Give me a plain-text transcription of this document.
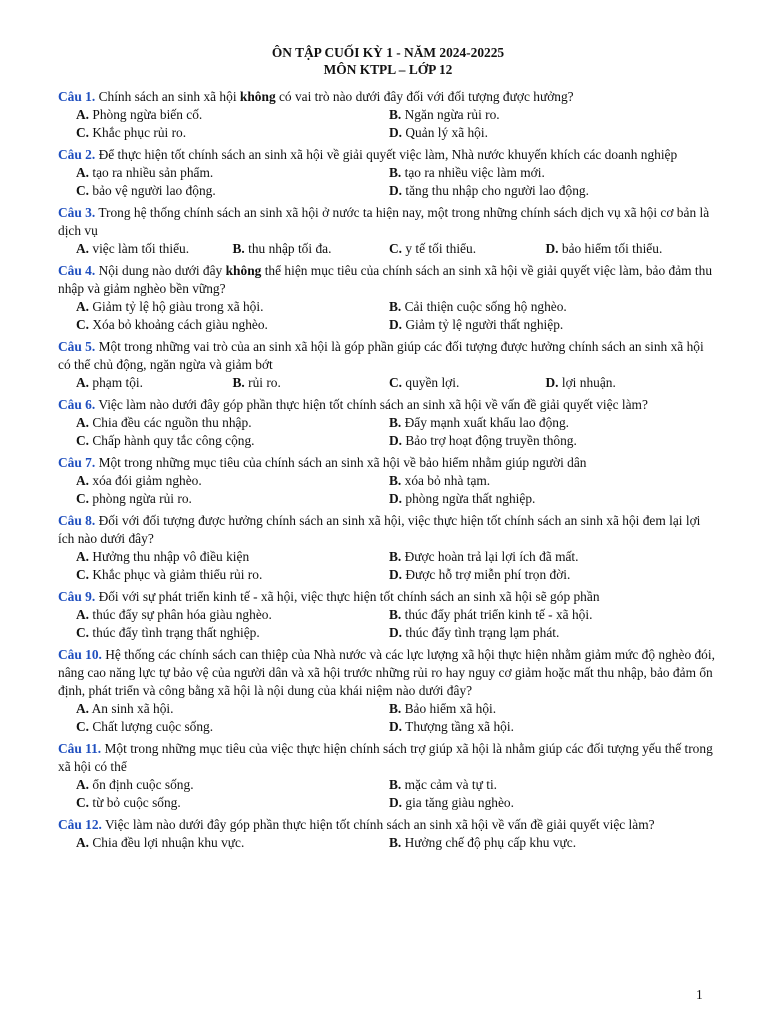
ÔN TẬP CUỐI KỲ 1 - NĂM 2024-20225
MÔN KTPL – LỚP 12

Câu 1. Chính sách an sinh xã hội không có vai trò nào dưới đây đối với đối tượng được hưởng?

A. Phòng ngừa biến cố.	B. Ngăn ngừa rủi ro.
C. Khắc phục rủi ro.	D. Quản lý xã hội.

Câu 2. Để thực hiện tốt chính sách an sinh xã hội về giải quyết việc làm, Nhà nước khuyến khích các doanh nghiệp

A. tạo ra nhiều sản phẩm.	B. tạo ra nhiều việc làm mới.
C. bảo vệ người lao động.	D. tăng thu nhập cho người lao động.

Câu 3. Trong hệ thống chính sách an sinh xã hội ở nước ta hiện nay, một trong những chính sách dịch vụ xã hội cơ bản là dịch vụ

A. việc làm tối thiểu.	B. thu nhập tối đa.	C. y tế tối thiểu.	D. bảo hiểm tối thiểu.

Câu 4. Nội dung nào dưới đây không thể hiện mục tiêu của chính sách an sinh xã hội về giải quyết việc làm, bảo đảm thu nhập và giảm nghèo bền vững?

A. Giảm tỷ lệ hộ giàu trong xã hội.	B. Cải thiện cuộc sống hộ nghèo.
C. Xóa bỏ khoảng cách giàu nghèo.	D. Giảm tỷ lệ người thất nghiệp.

Câu 5. Một trong những vai trò của an sinh xã hội là góp phần giúp các đối tượng được hưởng chính sách an sinh xã hội có thể chủ động, ngăn ngừa và giảm bớt

A. phạm tội.	B. rủi ro.	C. quyền lợi.	D. lợi nhuận.

Câu 6. Việc làm nào dưới đây góp phần thực hiện tốt chính sách an sinh xã hội về vấn đề giải quyết việc làm?

A. Chia đều các nguồn thu nhập.	B. Đẩy mạnh xuất khẩu lao động.
C. Chấp hành quy tắc công cộng.	D. Bảo trợ hoạt động truyền thông.

Câu 7. Một trong những mục tiêu của chính sách an sinh xã hội về bảo hiểm nhằm giúp người dân

A. xóa đói giảm nghèo.	B. xóa bỏ nhà tạm.
C. phòng ngừa rủi ro.	D. phòng ngừa thất nghiệp.

Câu 8. Đối với đối tượng được hưởng chính sách an sinh xã hội, việc thực hiện tốt chính sách an sinh xã hội đem lại lợi ích nào dưới đây?

A. Hưởng thu nhập vô điều kiện	B. Được hoàn trả lại lợi ích đã mất.
C. Khắc phục và giảm thiểu rủi ro.	D. Được hỗ trợ miễn phí trọn đời.

Câu 9. Đối với sự phát triển kinh tế - xã hội, việc thực hiện tốt chính sách an sinh xã hội sẽ góp phần

A. thúc đẩy sự phân hóa giàu nghèo.	B. thúc đẩy phát triển kinh tế - xã hội.
C. thúc đẩy tình trạng thất nghiệp.	D. thúc đẩy tình trạng lạm phát.

Câu 10. Hệ thống các chính sách can thiệp của Nhà nước và các lực lượng xã hội thực hiện nhằm giảm mức độ nghèo đói, nâng cao năng lực tự bảo vệ của người dân và xã hội trước những rủi ro hay nguy cơ giảm hoặc mất thu nhập, bảo đảm ổn định, phát triển và công bằng xã hội là nội dung của khái niệm nào dưới đây?

A. An sinh xã hội.	B. Bảo hiểm xã hội.
C. Chất lượng cuộc sống.	D. Thượng tầng xã hội.

Câu 11. Một trong những mục tiêu của việc thực hiện chính sách trợ giúp xã hội là nhằm giúp các đối tượng yếu thế trong xã hội có thể

A. ổn định cuộc sống.	B. mặc cảm và tự ti.
C. từ bỏ cuộc sống.	D. gia tăng giàu nghèo.

Câu 12. Việc làm nào dưới đây góp phần thực hiện tốt chính sách an sinh xã hội về vấn đề giải quyết việc làm?

A. Chia đều lợi nhuận khu vực.	B. Hưởng chế độ phụ cấp khu vực.
1
